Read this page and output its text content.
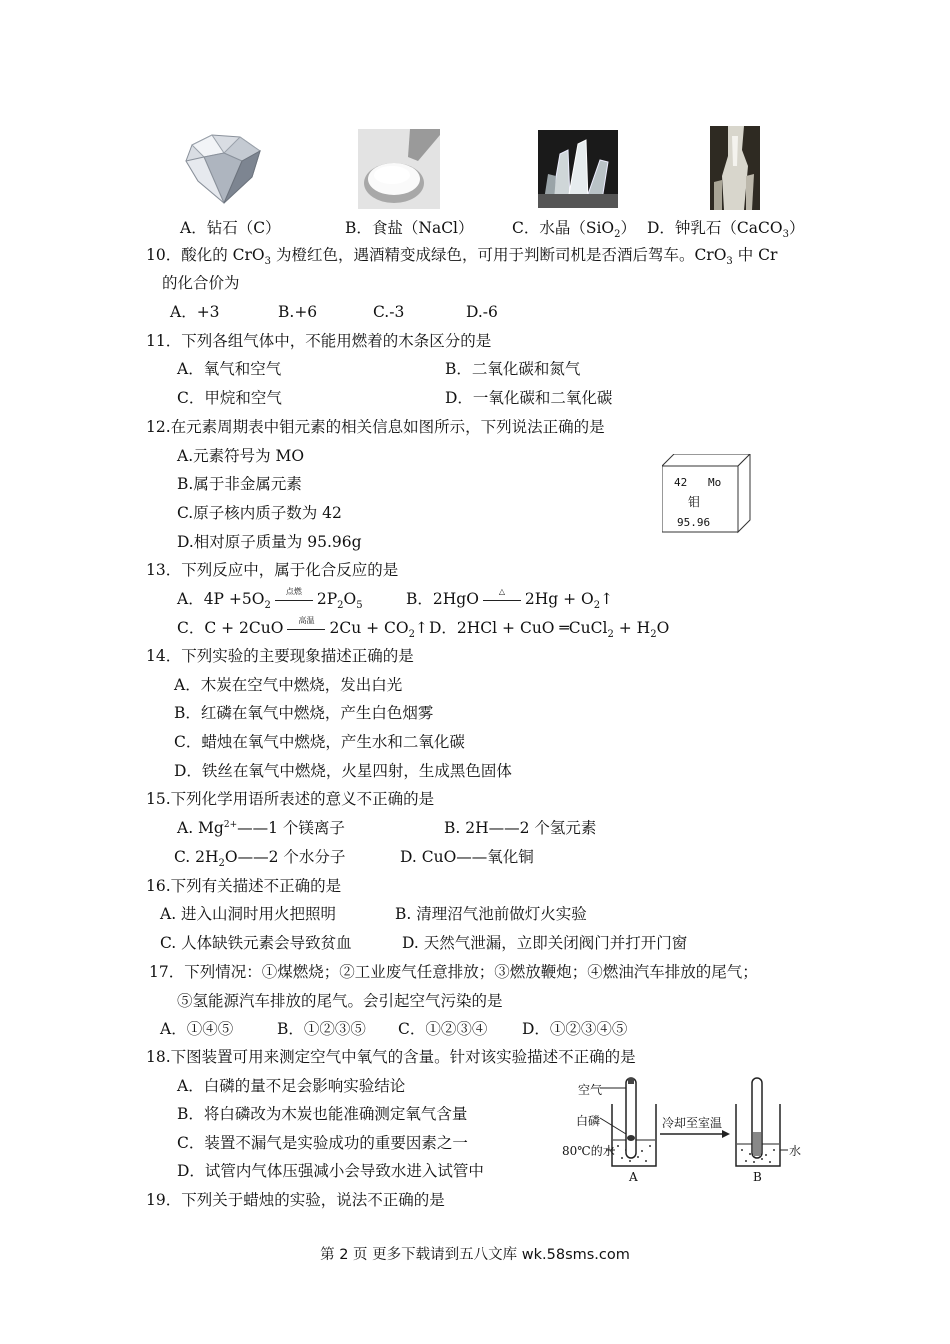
A．钻石（C）	B．食盐（NaCl） C．水晶（SiO$_2$） D．钟乳石（CaCO$_3$）
10．酸化的 CrO$_3$ 为橙红色，遇酒精变成绿色，可用于判断司机是否酒后驾车。CrO$_3$ 中 Cr
的化合价为
A．+3	B.+6	C.-3	D.-6
11．下列各组气体中，不能用燃着的木条区分的是
A．氧气和空气	B．二氧化碳和氮气
C．甲烷和空气	D．一氧化碳和二氧化碳
12.在元素周期表中钼元素的相关信息如图所示，下列说法正确的是
A.元素符号为 MO
B.属于非金属元素
C.原子核内质子数为 42
D.相对原子质量为 95.96g
42 Mo
钼
95.96
13．下列反应中，属于化合反应的是
A．$4P +5O_2$
点燃 $2P_2O_5$	B．2HgO	△	$2Hg + O_2↑$
C．C + 2CuO	高温 $2Cu + CO_2↑$ D．2HCl + CuO ═CuCl$_2$ + $H_2O$
14．下列实验的主要现象描述正确的是
A．木炭在空气中燃烧，发出白光
B．红磷在氧气中燃烧，产生白色烟雾
C．蜡烛在氧气中燃烧，产生水和二氧化碳
D．铁丝在氧气中燃烧，火星四射，生成黑色固体
15.下列化学用语所表述的意义不正确的是
A. $Mg^{2+}——1$ 个镁离子	B. 2H——2 个氢元素
C. $2H_2O——2$ 个水分子	D. CuO——氧化铜
16.下列有关描述不正确的是
A. 进入山洞时用火把照明	B. 清理沼气池前做灯火实验
C. 人体缺铁元素会导致贫血	D. 天然气泄漏，立即关闭阀门并打开门窗
17．下列情况：①煤燃烧；②工业废气任意排放；③燃放鞭炮；④燃油汽车排放的尾气；
⑤氢能源汽车排放的尾气。会引起空气污染的是
A．①④⑤	B．①②③⑤ C．①②③④ D．①②③④⑤
18.下图装置可用来测定空气中氧气的含量。针对该实验描述不正确的是
A．白磷的量不足会影响实验结论
B．将白磷改为木炭也能准确测定氧气含量
C．装置不漏气是实验成功的重要因素之一
D．试管内气体压强减小会导致水进入试管中
空气
白磷
80℃的水
冷却至室温
水
A	B
19．下列关于蜡烛的实验，说法不正确的是
第 2 页 更多下载请到五八文库 wk.58sms.com
